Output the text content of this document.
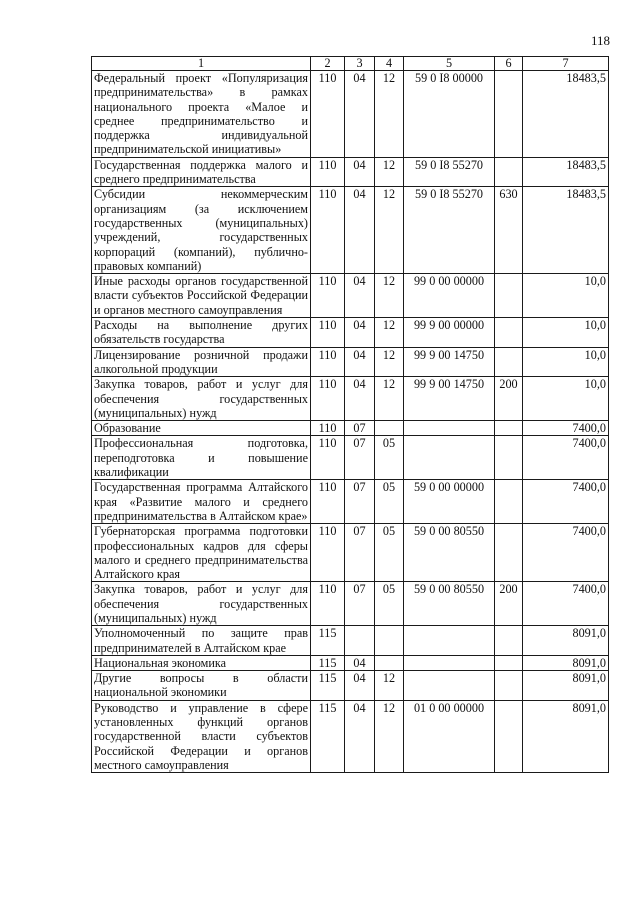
118
1	2	3	4	5	6	7
Федеральный проект «Популяризация предпринимательства» в рамках национального проекта «Малое и среднее предпринимательство и поддержка индивидуальной предпринимательской инициативы»	110	04	12	59 0 I8 00000		18483,5
Государственная поддержка малого и среднего предпринимательства	110	04	12	59 0 I8 55270		18483,5
Субсидии некоммерческим организациям (за исключением государственных (муниципальных) учреждений, государственных корпораций (компаний), публично-правовых компаний)	110	04	12	59 0 I8 55270	630	18483,5
Иные расходы органов государственной власти субъектов Российской Федерации и органов местного самоуправления	110	04	12	99 0 00 00000		10,0
Расходы на выполнение других обязательств государства	110	04	12	99 9 00 00000		10,0
Лицензирование розничной продажи алкогольной продукции	110	04	12	99 9 00 14750		10,0
Закупка товаров, работ и услуг для обеспечения государственных (муниципальных) нужд	110	04	12	99 9 00 14750	200	10,0
Образование	110	07				7400,0
Профессиональная подготовка, переподготовка и повышение квалификации	110	07	05			7400,0
Государственная программа Алтайского края «Развитие малого и среднего предпринимательства в Алтайском крае»	110	07	05	59 0 00 00000		7400,0
Губернаторская программа подготовки профессиональных кадров для сферы малого и среднего предпринимательства Алтайского края	110	07	05	59 0 00 80550		7400,0
Закупка товаров, работ и услуг для обеспечения государственных (муниципальных) нужд	110	07	05	59 0 00 80550	200	7400,0
Уполномоченный по защите прав предпринимателей в Алтайском крае	115					8091,0
Национальная экономика	115	04				8091,0
Другие вопросы в области национальной экономики	115	04	12			8091,0
Руководство и управление в сфере установленных функций органов государственной власти субъектов Российской Федерации и органов местного самоуправления	115	04	12	01 0 00 00000		8091,0
